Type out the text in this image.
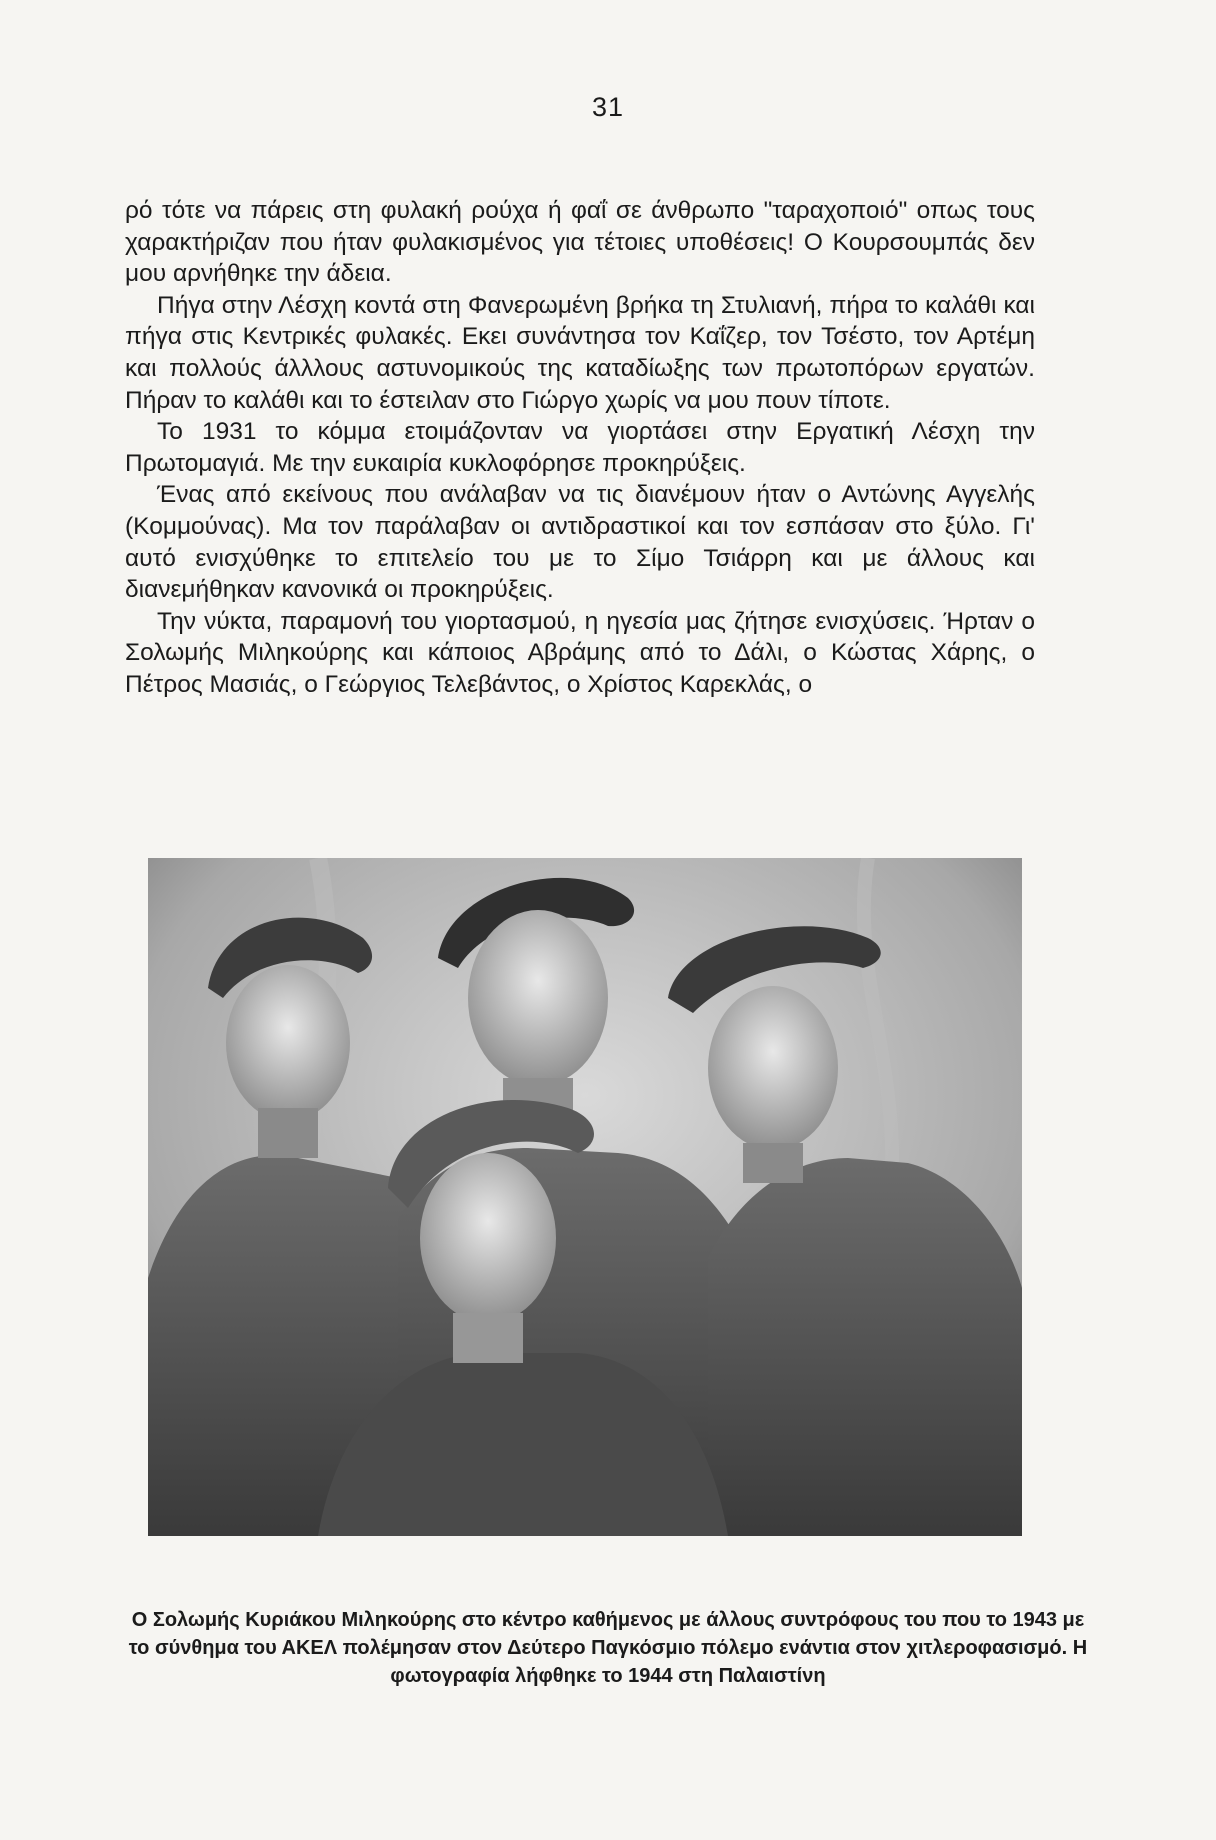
31

ρό τότε να πάρεις στη φυλακή ρούχα ή φαΐ σε άνθρωπο "ταραχοποιό" οπως τους χαρακτήριζαν που ήταν φυλακισμένος για τέτοιες υποθέσεις! Ο Κουρσουμπάς δεν μου αρνήθηκε την άδεια.

Πήγα στην Λέσχη κοντά στη Φανερωμένη βρήκα τη Στυλιανή, πήρα το καλάθι και πήγα στις Κεντρικές φυλακές. Εκει συνάντησα τον Καΐζερ, τον Τσέστο, τον Αρτέμη και πολλούς άλλλους αστυνομικούς της καταδίωξης των πρωτοπόρων εργατών. Πήραν το καλάθι και το έστειλαν στο Γιώργο χωρίς να μου πουν τίποτε.

Το 1931 το κόμμα ετοιμάζονταν να γιορτάσει στην Εργατική Λέσχη την Πρωτομαγιά. Με την ευκαιρία κυκλοφόρησε προκηρύξεις.

Ένας από εκείνους που ανάλαβαν να τις διανέμουν ήταν ο Αντώνης Αγγελής (Κομμούνας). Μα τον παράλαβαν οι αντιδραστικοί και τον εσπάσαν στο ξύλο. Γι' αυτό ενισχύθηκε το επιτελείο του με το Σίμο Τσιάρρη και με άλλους και διανεμήθηκαν κανονικά οι προκηρύξεις.

Την νύκτα, παραμονή του γιορτασμού, η ηγεσία μας ζήτησε ενισχύσεις. Ήρταν ο Σολωμής Μιληκούρης και κάποιος Αβράμης από το Δάλι, ο Κώστας Χάρης, ο Πέτρος Μασιάς, ο Γεώργιος Τελεβάντος, ο Χρίστος Καρεκλάς, ο

Ο Σολωμής Κυριάκου Μιληκούρης στο κέντρο καθήμενος με άλλους συντρόφους του που το 1943 με το σύνθημα του ΑΚΕΛ πολέμησαν στον Δεύτερο Παγκόσμιο πόλεμο ενάντια στον χιτλεροφασισμό. Η φωτογραφία λήφθηκε το 1944 στη Παλαιστίνη
